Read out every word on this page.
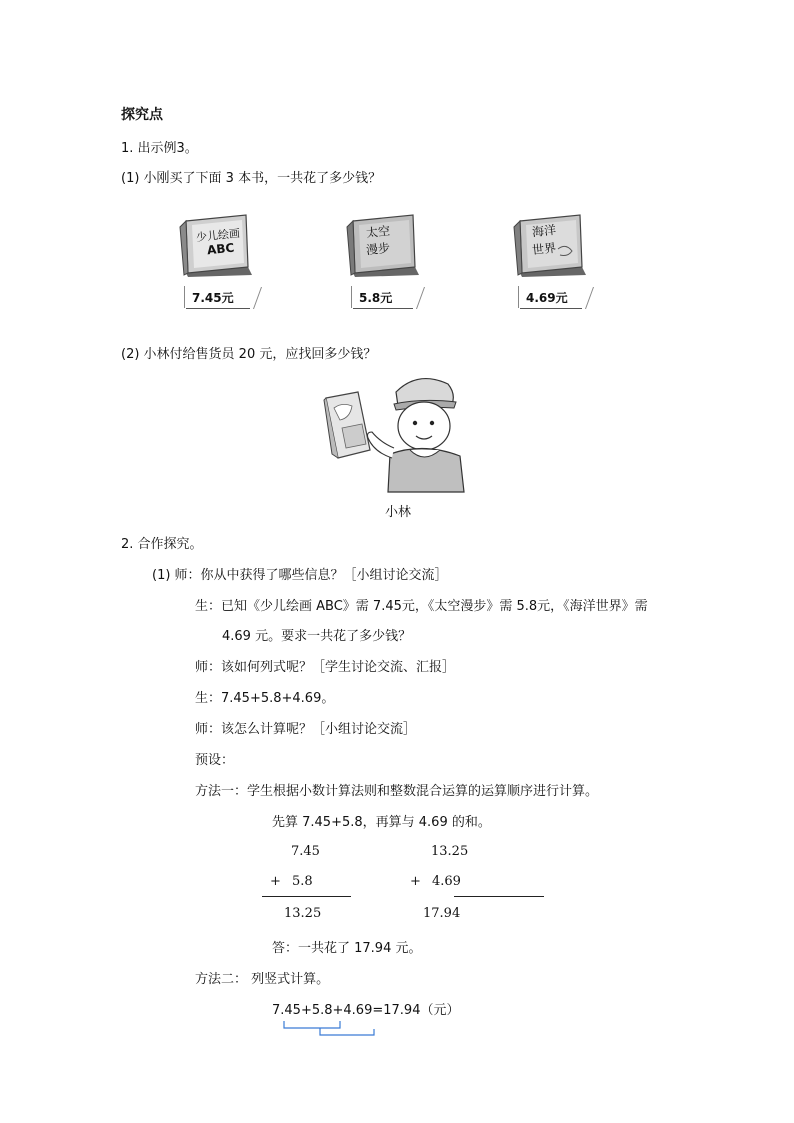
探究点
1. 出示例3。
(1) 小刚买了下面 3 本书，一共花了多少钱？
少儿绘画
ABC
7.45元
太空
漫步
5.8元
海洋
世界
4.69元
(2) 小林付给售货员 20 元，应找回多少钱？
小林
2. 合作探究。
(1) 师：你从中获得了哪些信息？［小组讨论交流］
生：已知《少儿绘画 ABC》需 7.45元，《太空漫步》需 5.8元，《海洋世界》需
4.69 元。要求一共花了多少钱？
师：该如何列式呢？［学生讨论交流、汇报］
生：7.45+5.8+4.69。
师：该怎么计算呢？［小组讨论交流］
预设：
方法一：学生根据小数计算法则和整数混合运算的运算顺序进行计算。
先算 7.45+5.8，再算与 4.69 的和。
7.45
+ 5.8
13.25
13.25
+ 4.69
17.94
答：一共花了 17.94 元。
方法二： 列竖式计算。
7.45+5.8+4.69=17.94（元）
